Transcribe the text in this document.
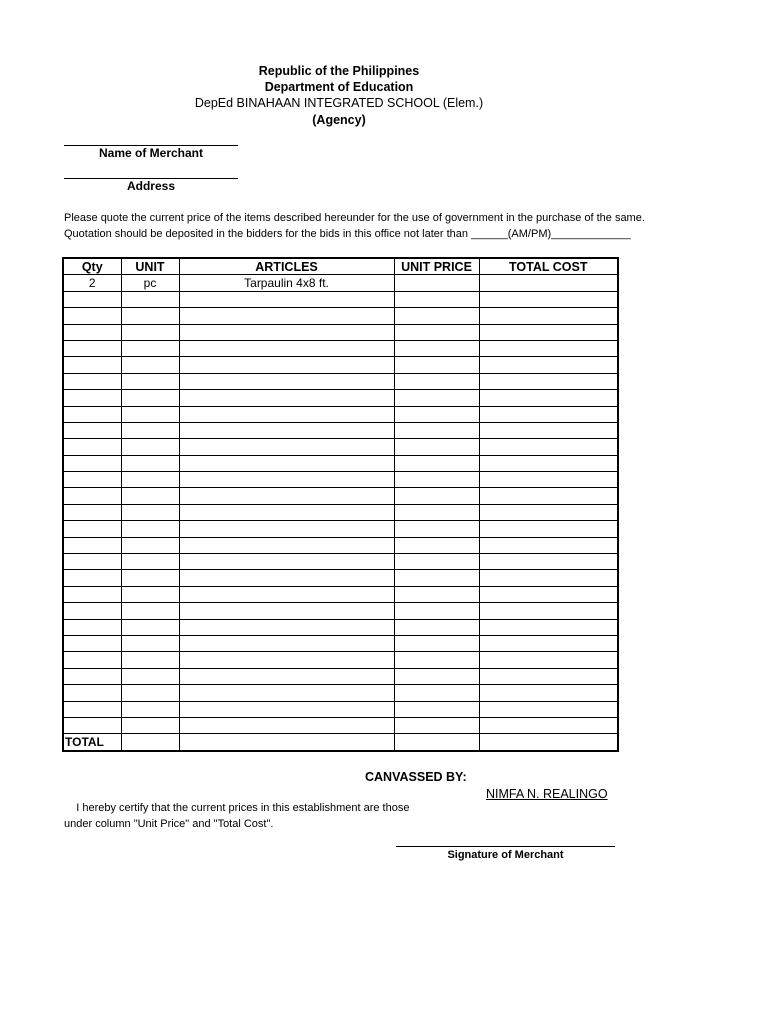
Republic of the Philippines
Department of Education
DepEd BINAHAAN INTEGRATED SCHOOL (Elem.)
(Agency)
Name of Merchant
Address
Please quote the current price of the items described hereunder for the use of government in the purchase of the same.
Quotation should be deposited in the bidders for the bids in this office not later than ______(AM/PM)_____________
Qty	UNIT	ARTICLES	UNIT PRICE	TOTAL COST
2	pc	Tarpaulin 4x8 ft.		

TOTAL				
CANVASSED BY:
NIMFA N. REALINGO
I hereby certify that the current prices in this establishment are those
under column "Unit Price" and "Total Cost".
Signature of Merchant
